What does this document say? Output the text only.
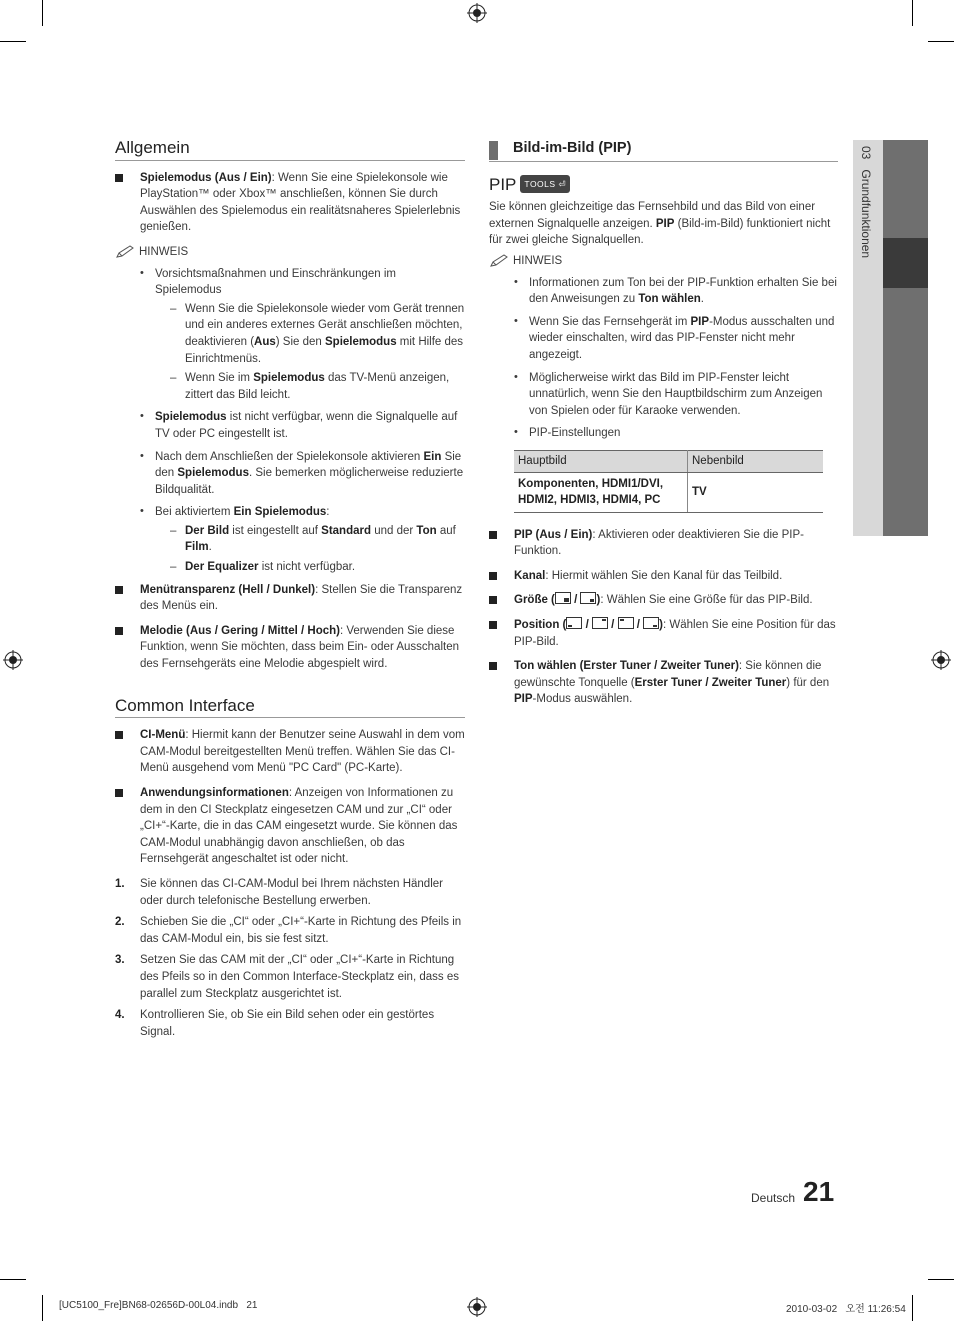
03   Grundfunktionen
Allgemein
Spielemodus (Aus / Ein): Wenn Sie eine Spielekonsole wie PlayStation™ oder Xbox™ anschließen, können Sie durch Auswählen des Spielemodus ein realitätsnaheres Spielerlebnis genießen.
HINWEIS
• Vorsichtsmaßnahmen und Einschränkungen im Spielemodus
– Wenn Sie die Spielekonsole wieder vom Gerät trennen und ein anderes externes Gerät anschließen möchten, deaktivieren (Aus) Sie den Spielemodus mit Hilfe des Einrichtmenüs.
– Wenn Sie im Spielemodus das TV-Menü anzeigen, zittert das Bild leicht.
• Spielemodus ist nicht verfügbar, wenn die Signalquelle auf TV oder PC eingestellt ist.
• Nach dem Anschließen der Spielekonsole aktivieren Ein Sie den Spielemodus. Sie bemerken möglicherweise reduzierte Bildqualität.
• Bei aktiviertem Ein Spielemodus:
– Der Bild ist eingestellt auf Standard und der Ton auf Film.
– Der Equalizer ist nicht verfügbar.
Menütransparenz (Hell / Dunkel): Stellen Sie die Transparenz des Menüs ein.
Melodie (Aus / Gering / Mittel / Hoch): Verwenden Sie diese Funktion, wenn Sie möchten, dass beim Ein- oder Ausschalten des Fernsehgeräts eine Melodie abgespielt wird.
Common Interface
CI-Menü: Hiermit kann der Benutzer seine Auswahl in dem vom CAM-Modul bereitgestellten Menü treffen. Wählen Sie das CI-Menü ausgehend vom Menü "PC Card" (PC-Karte).
Anwendungsinformationen: Anzeigen von Informationen zu dem in den CI Steckplatz eingesetzen CAM und zur „CI“ oder „CI+“-Karte, die in das CAM eingesetzt wurde. Sie können das CAM-Modul unabhängig davon anschließen, ob das Fernsehgerät angeschaltet ist oder nicht.
1. Sie können das CI-CAM-Modul bei Ihrem nächsten Händler oder durch telefonische Bestellung erwerben.
2. Schieben Sie die „CI“ oder „CI+“-Karte in Richtung des Pfeils in das CAM-Modul ein, bis sie fest sitzt.
3. Setzen Sie das CAM mit der „CI“ oder „CI+“-Karte in Richtung des Pfeils so in den Common Interface-Steckplatz ein, dass es parallel zum Steckplatz ausgerichtet ist.
4. Kontrollieren Sie, ob Sie ein Bild sehen oder ein gestörtes Signal.
Bild-im-Bild (PIP)
PIP TOOLS ⏎
Sie können gleichzeitige das Fernsehbild und das Bild von einer externen Signalquelle anzeigen. PIP (Bild-im-Bild) funktioniert nicht für zwei gleiche Signalquellen.
HINWEIS
• Informationen zum Ton bei der PIP-Funktion erhalten Sie bei den Anweisungen zu Ton wählen.
• Wenn Sie das Fernsehgerät im PIP-Modus ausschalten und wieder einschalten, wird das PIP-Fenster nicht mehr angezeigt.
• Möglicherweise wirkt das Bild im PIP-Fenster leicht unnatürlich, wenn Sie den Hauptbildschirm zum Anzeigen von Spielen oder für Karaoke verwenden.
• PIP-Einstellungen
Hauptbild	Nebenbild
Komponenten, HDMI1/DVI, HDMI2, HDMI3, HDMI4, PC	TV
PIP (Aus / Ein): Aktivieren oder deaktivieren Sie die PIP-Funktion.
Kanal: Hiermit wählen Sie den Kanal für das Teilbild.
Größe (
/
): Wählen Sie eine Größe für das PIP-Bild.
Position (
/
/
/
): Wählen Sie eine Position für das PIP-Bild.
Ton wählen (Erster Tuner / Zweiter Tuner): Sie können die gewünschte Tonquelle (Erster Tuner / Zweiter Tuner) für den PIP-Modus auswählen.
Deutsch 21
[UC5100_Fre]BN68-02656D-00L04.indb   21	2010-03-02   오전 11:26:54
